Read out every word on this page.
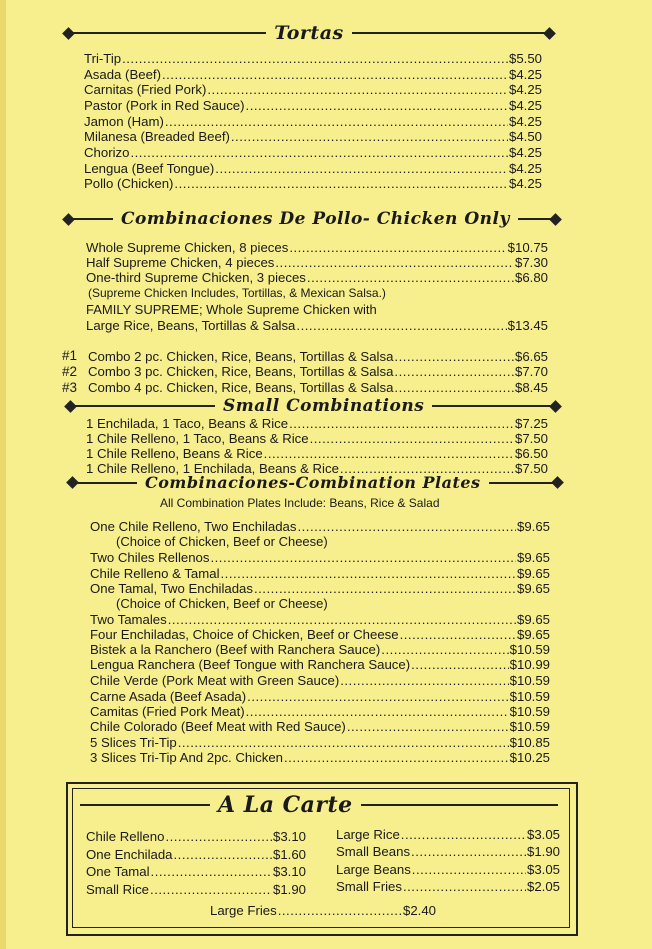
Tortas
Tri-Tip .....	$5.50
Asada (Beef) .....	$4.25
Carnitas (Fried Pork) .....	$4.25
Pastor (Pork in Red Sauce) .....	$4.25
Jamon (Ham) .....	$4.25
Milanesa (Breaded Beef) .....	$4.50
Chorizo .....	$4.25
Lengua (Beef Tongue) .....	$4.25
Pollo (Chicken) .....	$4.25
Combinaciones De Pollo- Chicken Only
Whole Supreme Chicken, 8 pieces .....	$10.75
Half Supreme Chicken, 4 pieces .....	$7.30
One-third Supreme Chicken, 3 pieces .....	$6.80
(Supreme Chicken Includes, Tortillas, & Mexican Salsa.)
FAMILY SUPREME; Whole Supreme Chicken with
Large Rice, Beans, Tortillas & Salsa .....	$13.45
#1 Combo 2 pc. Chicken, Rice, Beans, Tortillas & Salsa .....	$6.65
#2 Combo 3 pc. Chicken, Rice, Beans, Tortillas & Salsa .....	$7.70
#3 Combo 4 pc. Chicken, Rice, Beans, Tortillas & Salsa .....	$8.45
Small Combinations
1 Enchilada, 1 Taco, Beans & Rice .....	$7.25
1 Chile Relleno, 1 Taco, Beans & Rice .....	$7.50
1 Chile Relleno, Beans & Rice .....	$6.50
1 Chile Relleno, 1 Enchilada, Beans & Rice .....	$7.50
Combinaciones-Combination Plates
All Combination Plates Include: Beans, Rice & Salad
One Chile Relleno, Two Enchiladas .....	$9.65
(Choice of Chicken, Beef or Cheese)
Two Chiles Rellenos .....	$9.65
Chile Relleno & Tamal .....	$9.65
One Tamal, Two Enchiladas .....	$9.65
(Choice of Chicken, Beef or Cheese)
Two Tamales .....	$9.65
Four Enchiladas, Choice of Chicken, Beef or Cheese .....	$9.65
Bistek a la Ranchero (Beef with Ranchera Sauce) .....	$10.59
Lengua Ranchera (Beef Tongue with Ranchera Sauce) .....	$10.99
Chile Verde (Pork Meat with Green Sauce) .....	$10.59
Carne Asada (Beef Asada) .....	$10.59
Camitas (Fried Pork Meat) .....	$10.59
Chile Colorado (Beef Meat with Red Sauce) .....	$10.59
5 Slices Tri-Tip .....	$10.85
3 Slices Tri-Tip And 2pc. Chicken .....	$10.25
A La Carte
Chile Relleno .....	$3.10
One Enchilada .....	$1.60
One Tamal .....	$3.10
Small Rice .....	$1.90
Large Rice .....	$3.05
Small Beans .....	$1.90
Large Beans .....	$3.05
Small Fries .....	$2.05
Large Fries .....	$2.40
